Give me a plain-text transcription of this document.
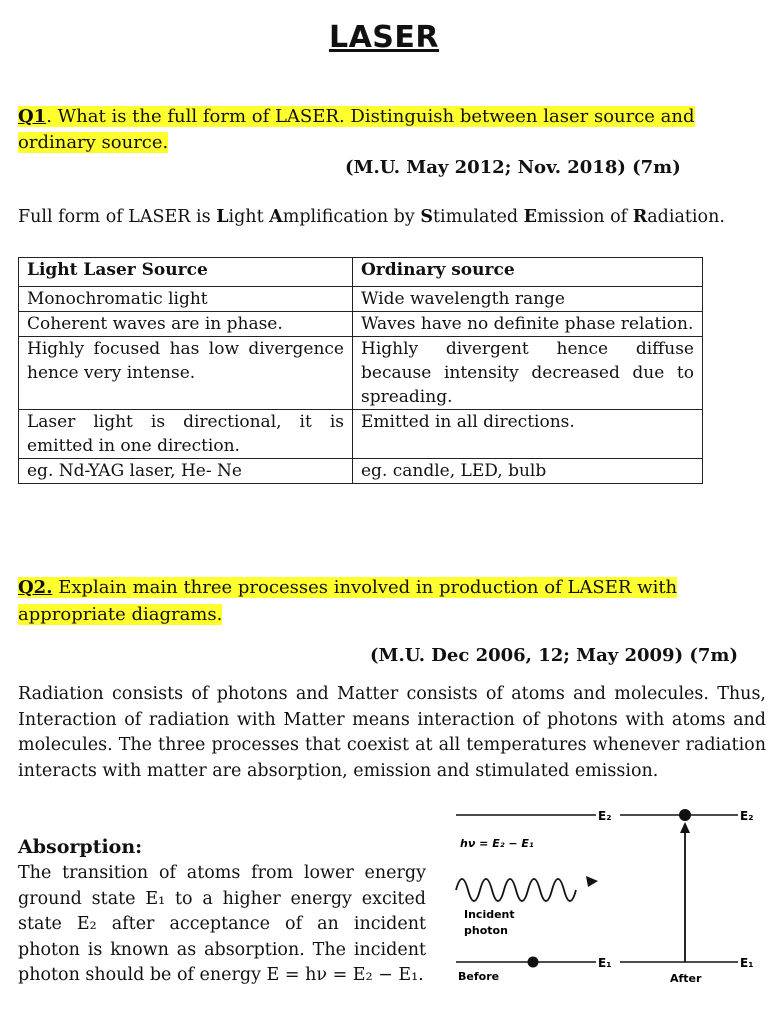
LASER
Q1. What is the full form of LASER. Distinguish between laser source and ordinary source.
(M.U. May 2012; Nov. 2018) (7m)
Full form of LASER is Light Amplification by Stimulated Emission of Radiation.
Light Laser Source	Ordinary source
Monochromatic light	Wide wavelength range
Coherent waves are in phase.	Waves have no definite phase relation.
Highly focused has low divergence hence very intense.	Highly divergent hence diffuse because intensity decreased due to spreading.
Laser light is directional, it is emitted in one direction.	Emitted in all directions.
eg. Nd-YAG laser, He- Ne	eg. candle, LED, bulb
Q2. Explain main three processes involved in production of LASER with appropriate diagrams.
(M.U. Dec 2006, 12; May 2009) (7m)
Radiation consists of photons and Matter consists of atoms and molecules. Thus, Interaction of radiation with Matter means interaction of photons with atoms and molecules. The three processes that coexist at all temperatures whenever radiation interacts with matter are absorption, emission and stimulated emission.
Absorption:
The transition of atoms from lower energy ground state E₁ to a higher energy excited state E₂ after acceptance of an incident photon is known as absorption. The incident photon should be of energy E = hν = E₂ − E₁.
E₂	E₂
E₁	E₁
hν = E₂ − E₁
Incident
photon
Before	After
